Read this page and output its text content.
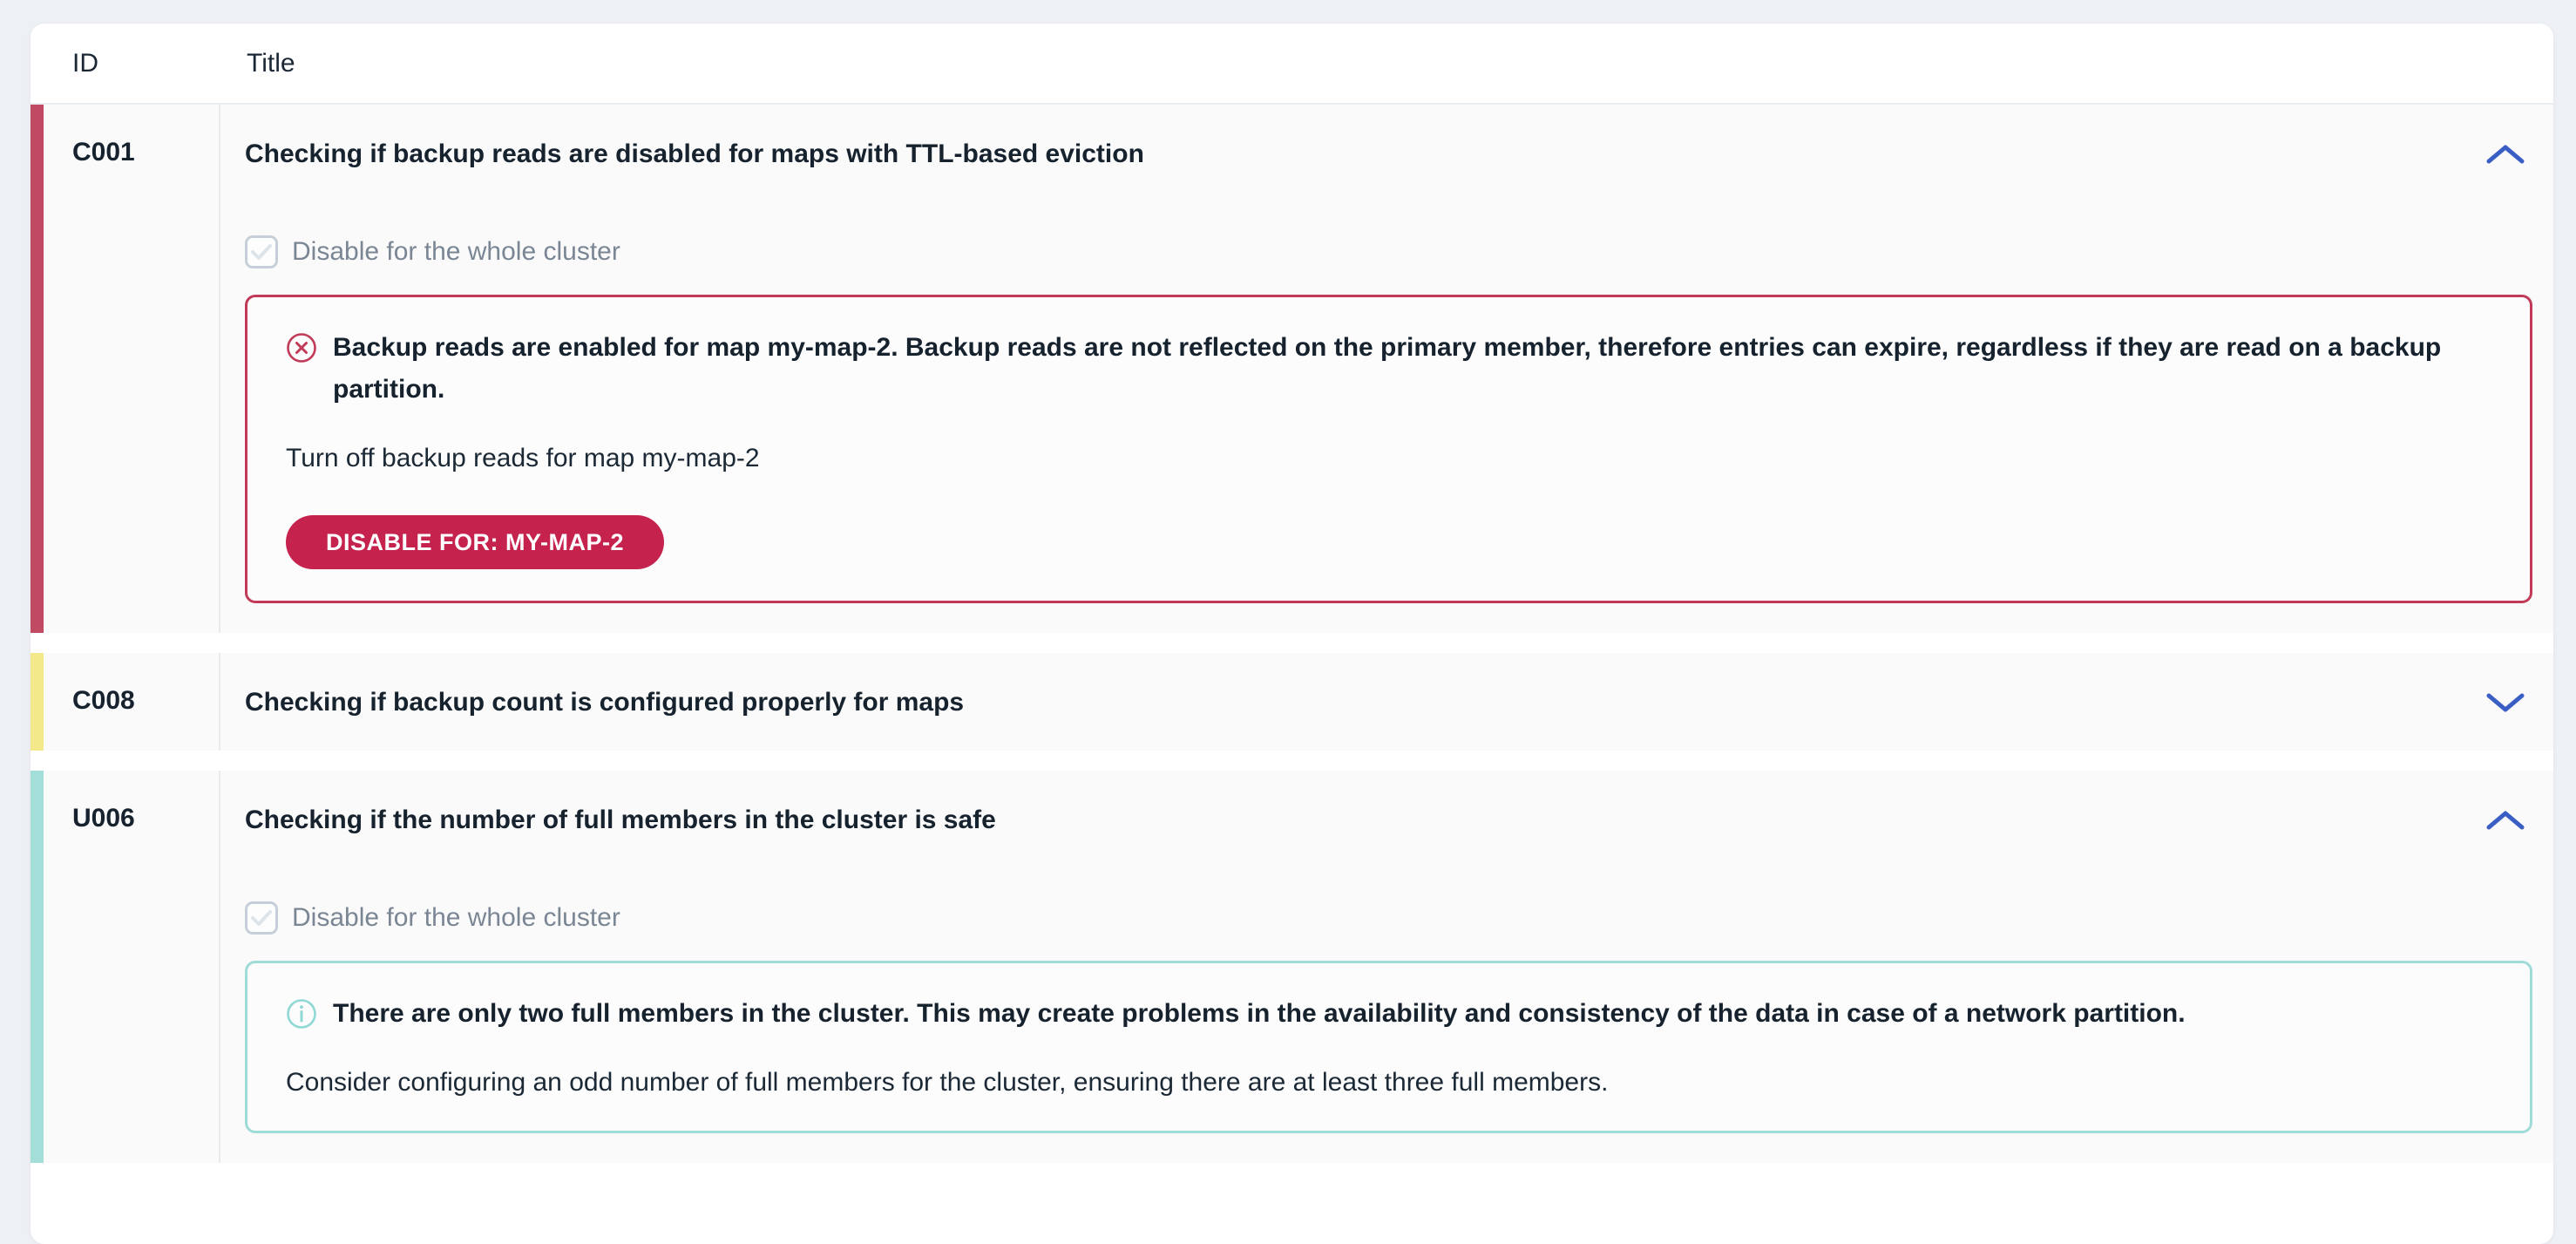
ID	Title
C001	Checking if backup reads are disabled for maps with TTL-based eviction
Disable for the whole cluster
Backup reads are enabled for map my-map-2. Backup reads are not reflected on the primary member, therefore entries can expire, regardless if they are read on a backup partition.
Turn off backup reads for map my-map-2
DISABLE FOR: MY-MAP-2
C008	Checking if backup count is configured properly for maps
U006	Checking if the number of full members in the cluster is safe
Disable for the whole cluster
There are only two full members in the cluster. This may create problems in the availability and consistency of the data in case of a network partition.
Consider configuring an odd number of full members for the cluster, ensuring there are at least three full members.
